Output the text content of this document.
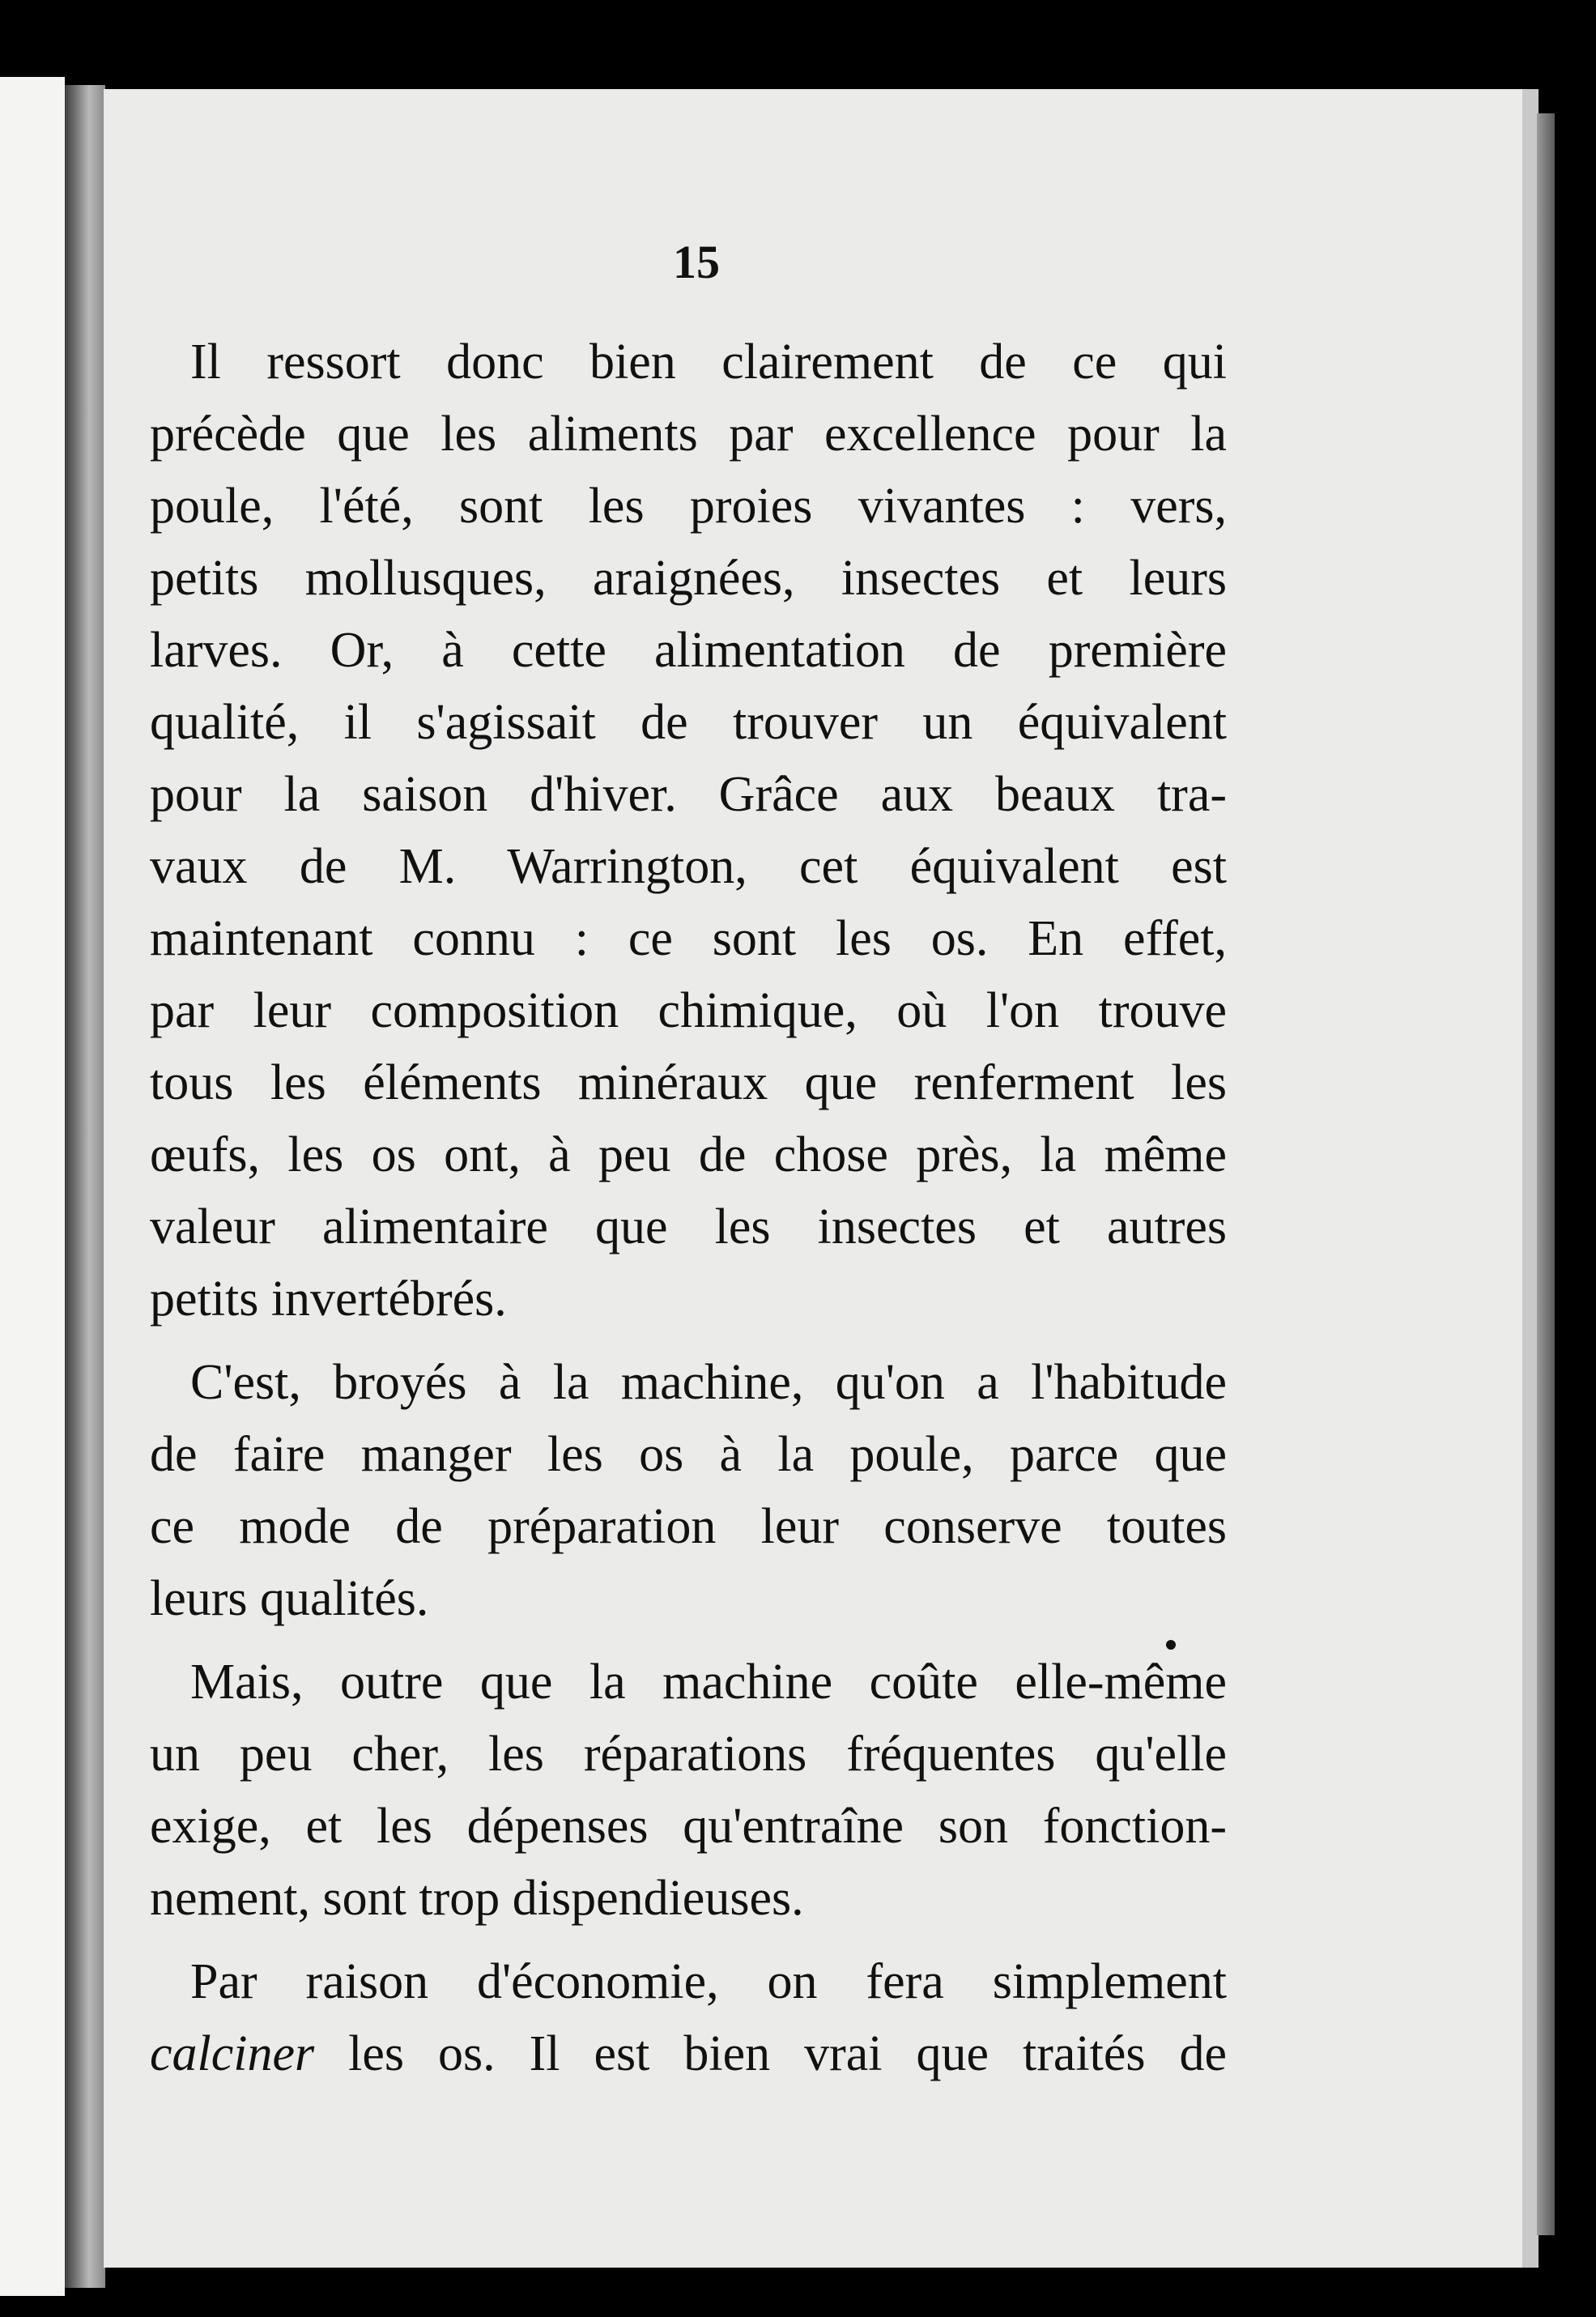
15
Il ressort donc bien clairement de ce qui
précède que les aliments par excellence pour la
poule, l'été, sont les proies vivantes : vers,
petits mollusques, araignées, insectes et leurs
larves. Or, à cette alimentation de première
qualité, il s'agissait de trouver un équivalent
pour la saison d'hiver. Grâce aux beaux tra-
vaux de M. Warrington, cet équivalent est
maintenant connu : ce sont les os. En effet,
par leur composition chimique, où l'on trouve
tous les éléments minéraux que renferment les
œufs, les os ont, à peu de chose près, la même
valeur alimentaire que les insectes et autres
petits invertébrés.
C'est, broyés à la machine, qu'on a l'habitude
de faire manger les os à la poule, parce que
ce mode de préparation leur conserve toutes
leurs qualités.
Mais, outre que la machine coûte elle-même
un peu cher, les réparations fréquentes qu'elle
exige, et les dépenses qu'entraîne son fonction-
nement, sont trop dispendieuses.
Par raison d'économie, on fera simplement
calciner les os. Il est bien vrai que traités de
